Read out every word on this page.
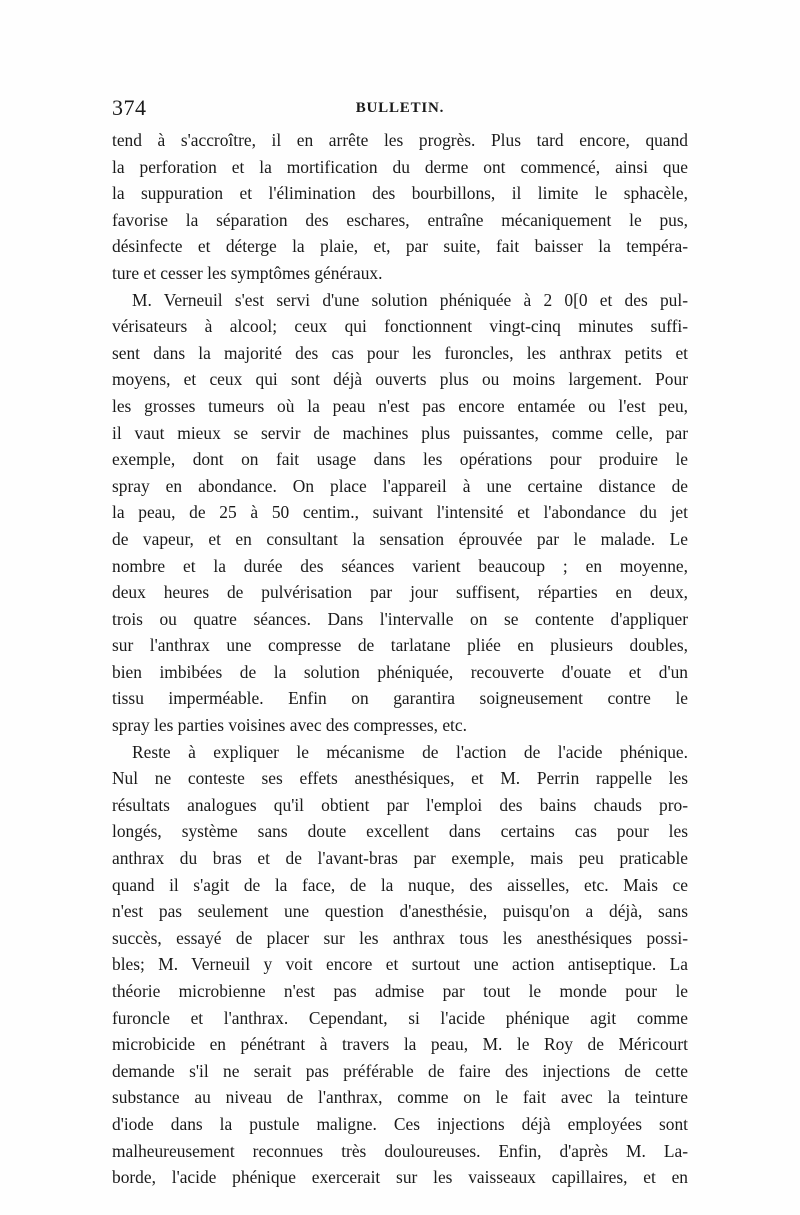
374	BULLETIN.
tend à s'accroître, il en arrête les progrès. Plus tard encore, quand
la perforation et la mortification du derme ont commencé, ainsi que
la suppuration et l'élimination des bourbillons, il limite le sphacèle,
favorise la séparation des eschares, entraîne mécaniquement le pus,
désinfecte et déterge la plaie, et, par suite, fait baisser la tempéra-
ture et cesser les symptômes généraux.
M. Verneuil s'est servi d'une solution phéniquée à 2 0[0 et des pul-
vérisateurs à alcool; ceux qui fonctionnent vingt-cinq minutes suffi-
sent dans la majorité des cas pour les furoncles, les anthrax petits et
moyens, et ceux qui sont déjà ouverts plus ou moins largement. Pour
les grosses tumeurs où la peau n'est pas encore entamée ou l'est peu,
il vaut mieux se servir de machines plus puissantes, comme celle, par
exemple, dont on fait usage dans les opérations pour produire le
spray en abondance. On place l'appareil à une certaine distance de
la peau, de 25 à 50 centim., suivant l'intensité et l'abondance du jet
de vapeur, et en consultant la sensation éprouvée par le malade. Le
nombre et la durée des séances varient beaucoup ; en moyenne,
deux heures de pulvérisation par jour suffisent, réparties en deux,
trois ou quatre séances. Dans l'intervalle on se contente d'appliquer
sur l'anthrax une compresse de tarlatane pliée en plusieurs doubles,
bien imbibées de la solution phéniquée, recouverte d'ouate et d'un
tissu imperméable. Enfin on garantira soigneusement contre le
spray les parties voisines avec des compresses, etc.
Reste à expliquer le mécanisme de l'action de l'acide phénique.
Nul ne conteste ses effets anesthésiques, et M. Perrin rappelle les
résultats analogues qu'il obtient par l'emploi des bains chauds pro-
longés, système sans doute excellent dans certains cas pour les
anthrax du bras et de l'avant-bras par exemple, mais peu praticable
quand il s'agit de la face, de la nuque, des aisselles, etc. Mais ce
n'est pas seulement une question d'anesthésie, puisqu'on a déjà, sans
succès, essayé de placer sur les anthrax tous les anesthésiques possi-
bles; M. Verneuil y voit encore et surtout une action antiseptique. La
théorie microbienne n'est pas admise par tout le monde pour le
furoncle et l'anthrax. Cependant, si l'acide phénique agit comme
microbicide en pénétrant à travers la peau, M. le Roy de Méricourt
demande s'il ne serait pas préférable de faire des injections de cette
substance au niveau de l'anthrax, comme on le fait avec la teinture
d'iode dans la pustule maligne. Ces injections déjà employées sont
malheureusement reconnues très douloureuses. Enfin, d'après M. La-
borde, l'acide phénique exercerait sur les vaisseaux capillaires, et en
